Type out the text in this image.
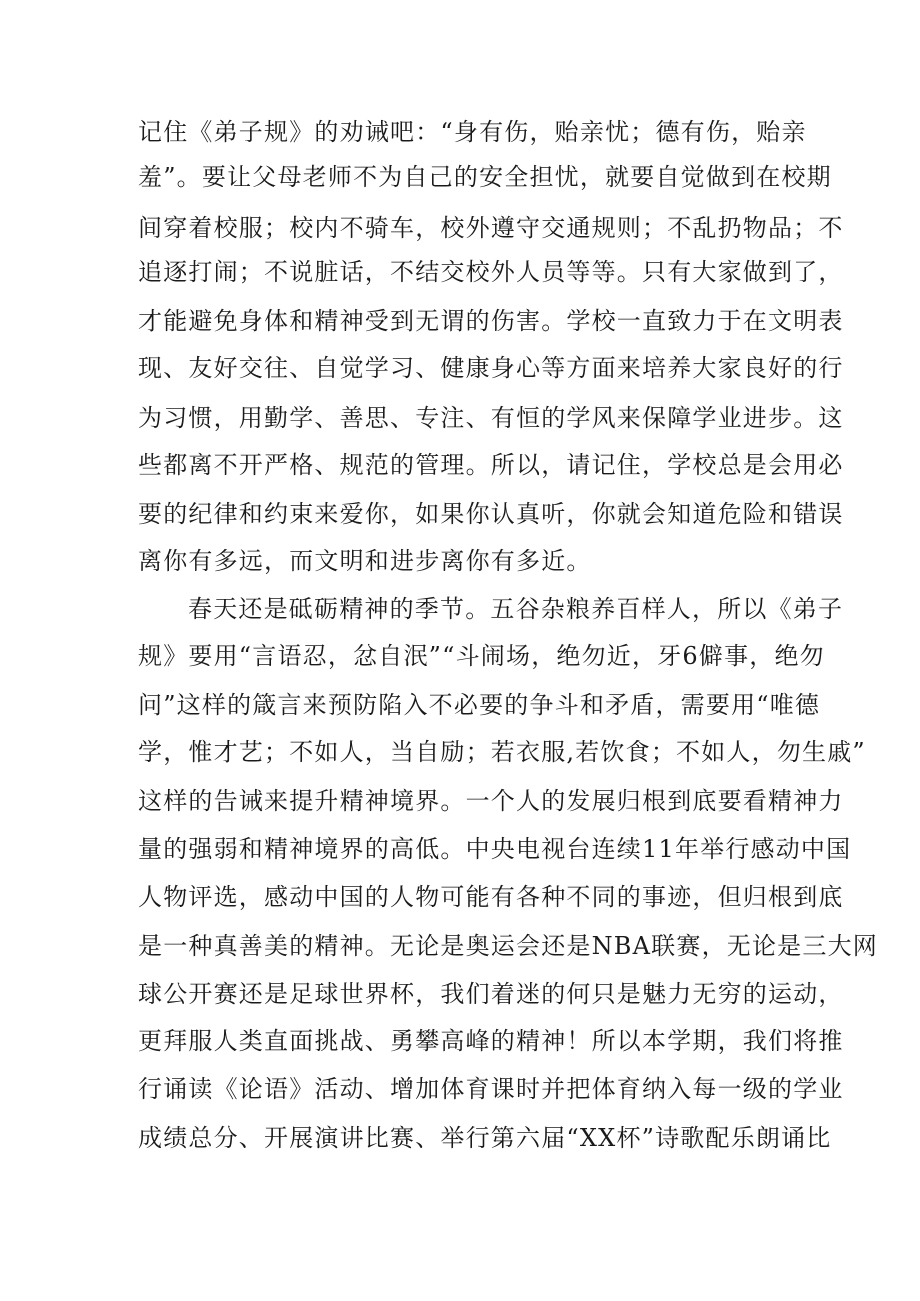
记住《弟子规》的劝诫吧：“身有伤，贻亲忧；德有伤，贻亲
羞”。要让父母老师不为自己的安全担忧，就要自觉做到在校期
间穿着校服；校内不骑车，校外遵守交通规则；不乱扔物品；不
追逐打闹；不说脏话，不结交校外人员等等。只有大家做到了，
才能避免身体和精神受到无谓的伤害。学校一直致力于在文明表
现、友好交往、自觉学习、健康身心等方面来培养大家良好的行
为习惯，用勤学、善思、专注、有恒的学风来保障学业进步。这
些都离不开严格、规范的管理。所以，请记住，学校总是会用必
要的纪律和约束来爱你，如果你认真听，你就会知道危险和错误
离你有多远，而文明和进步离你有多近。
春天还是砥砺精神的季节。五谷杂粮养百样人，所以《弟子
规》要用“言语忍，忿自泯”“斗闹场，绝勿近，牙6僻事，绝勿
问”这样的箴言来预防陷入不必要的争斗和矛盾，需要用“唯德
学，惟才艺；不如人，当自励；若衣服,若饮食；不如人，勿生戚”
这样的告诫来提升精神境界。一个人的发展归根到底要看精神力
量的强弱和精神境界的高低。中央电视台连续11年举行感动中国
人物评选，感动中国的人物可能有各种不同的事迹，但归根到底
是一种真善美的精神。无论是奥运会还是NBA联赛，无论是三大网
球公开赛还是足球世界杯，我们着迷的何只是魅力无穷的运动，
更拜服人类直面挑战、勇攀高峰的精神！所以本学期，我们将推
行诵读《论语》活动、增加体育课时并把体育纳入每一级的学业
成绩总分、开展演讲比赛、举行第六届“XX杯”诗歌配乐朗诵比
